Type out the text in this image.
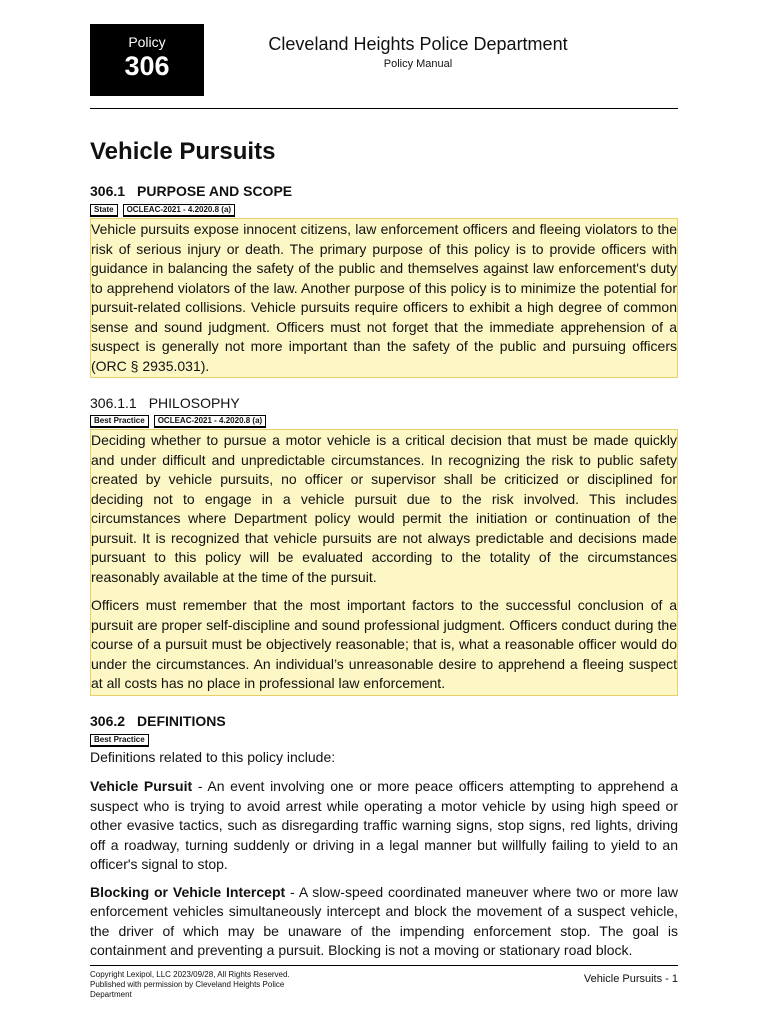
Policy
306
Cleveland Heights Police Department
Policy Manual
Vehicle Pursuits
306.1 PURPOSE AND SCOPE
State	OCLEAC-2021 - 4.2020.8 (a)

Vehicle pursuits expose innocent citizens, law enforcement officers and fleeing violators to the risk of serious injury or death. The primary purpose of this policy is to provide officers with guidance in balancing the safety of the public and themselves against law enforcement's duty to apprehend violators of the law. Another purpose of this policy is to minimize the potential for pursuit-related collisions. Vehicle pursuits require officers to exhibit a high degree of common sense and sound judgment. Officers must not forget that the immediate apprehension of a suspect is generally not more important than the safety of the public and pursuing officers (ORC § 2935.031).

306.1.1 PHILOSOPHY
Best Practice	OCLEAC-2021 - 4.2020.8 (a)

Deciding whether to pursue a motor vehicle is a critical decision that must be made quickly and under difficult and unpredictable circumstances. In recognizing the risk to public safety created by vehicle pursuits, no officer or supervisor shall be criticized or disciplined for deciding not to engage in a vehicle pursuit due to the risk involved. This includes circumstances where Department policy would permit the initiation or continuation of the pursuit. It is recognized that vehicle pursuits are not always predictable and decisions made pursuant to this policy will be evaluated according to the totality of the circumstances reasonably available at the time of the pursuit.

Officers must remember that the most important factors to the successful conclusion of a pursuit are proper self-discipline and sound professional judgment. Officers conduct during the course of a pursuit must be objectively reasonable; that is, what a reasonable officer would do under the circumstances. An individual’s unreasonable desire to apprehend a fleeing suspect at all costs has no place in professional law enforcement.

306.2 DEFINITIONS
Best Practice

Definitions related to this policy include:

Vehicle Pursuit - An event involving one or more peace officers attempting to apprehend a suspect who is trying to avoid arrest while operating a motor vehicle by using high speed or other evasive tactics, such as disregarding traffic warning signs, stop signs, red lights, driving off a roadway, turning suddenly or driving in a legal manner but willfully failing to yield to an officer's signal to stop.

Blocking or Vehicle Intercept - A slow-speed coordinated maneuver where two or more law enforcement vehicles simultaneously intercept and block the movement of a suspect vehicle, the driver of which may be unaware of the impending enforcement stop. The goal is containment and preventing a pursuit. Blocking is not a moving or stationary road block.

Copyright Lexipol, LLC 2023/09/28, All Rights Reserved.
Published with permission by Cleveland Heights Police Department
Vehicle Pursuits - 1
